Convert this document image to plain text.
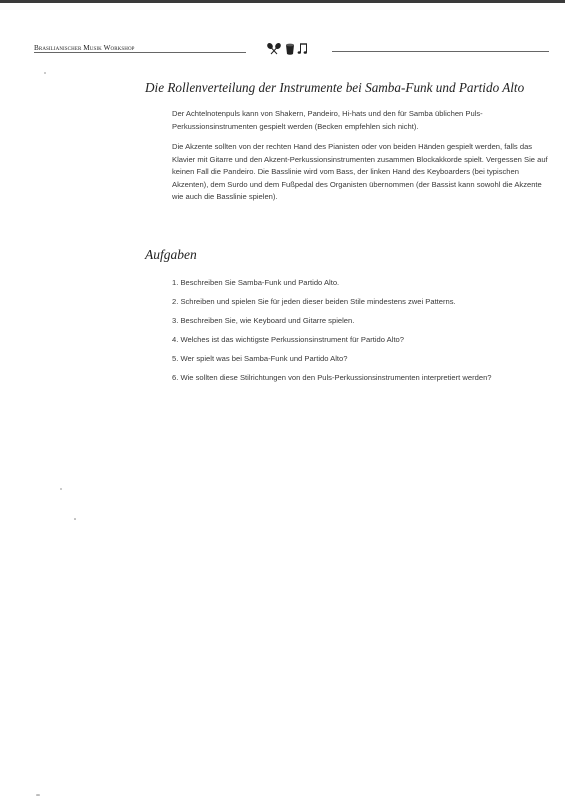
Brasilianischer Musik Workshop
Die Rollenverteilung der Instrumente bei Samba-Funk und Partido Alto

Der Achtelnotenpuls kann von Shakern, Pandeiro, Hi-hats und den für Samba üblichen Puls-Perkussionsinstrumenten gespielt werden (Becken empfehlen sich nicht).

Die Akzente sollten von der rechten Hand des Pianisten oder von beiden Händen gespielt werden, falls das Klavier mit Gitarre und den Akzent-Perkussionsinstrumenten zusammen Blockakkorde spielt. Vergessen Sie auf keinen Fall die Pandeiro. Die Basslinie wird vom Bass, der linken Hand des Keyboarders (bei typischen Akzenten), dem Surdo und dem Fußpedal des Organisten übernommen (der Bassist kann sowohl die Akzente wie auch die Basslinie spielen).

Aufgaben
1. Beschreiben Sie Samba-Funk und Partido Alto.
2. Schreiben und spielen Sie für jeden dieser beiden Stile mindestens zwei Patterns.
3. Beschreiben Sie, wie Keyboard und Gitarre spielen.
4. Welches ist das wichtigste Perkussionsinstrument für Partido Alto?
5. Wer spielt was bei Samba-Funk und Partido Alto?
6. Wie sollten diese Stilrichtungen von den Puls-Perkussionsinstrumenten interpretiert werden?
